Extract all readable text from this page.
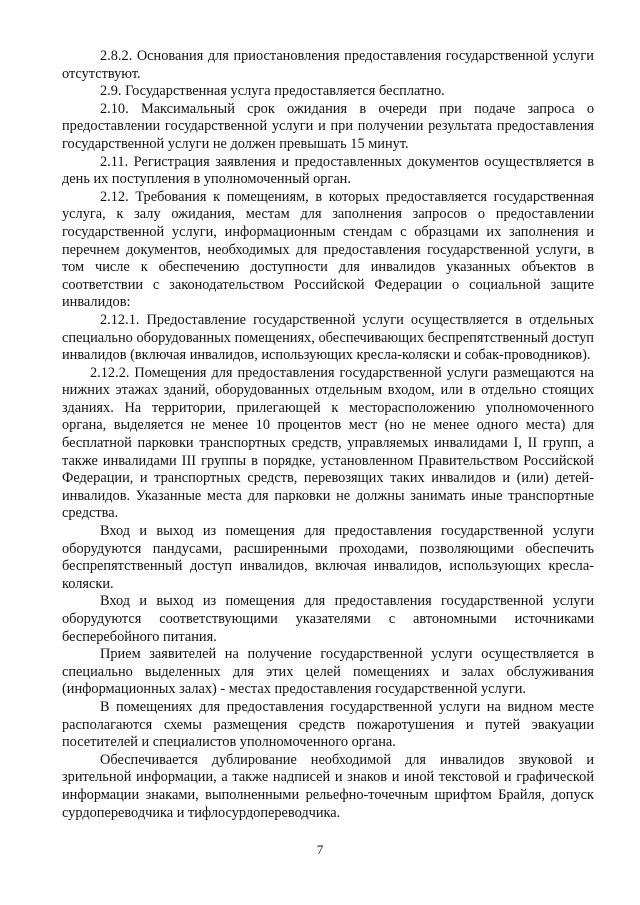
2.8.2. Основания для приостановления предоставления государственной услуги отсутствуют.

2.9. Государственная услуга предоставляется бесплатно.

2.10. Максимальный срок ожидания в очереди при подаче запроса о предоставлении государственной услуги и при получении результата предоставления государственной услуги не должен превышать 15 минут.

2.11. Регистрация заявления и предоставленных документов осуществляется в день их поступления в уполномоченный орган.

2.12. Требования к помещениям, в которых предоставляется государственная услуга, к залу ожидания, местам для заполнения запросов о предоставлении государственной услуги, информационным стендам с образцами их заполнения и перечнем документов, необходимых для предоставления государственной услуги, в том числе к обеспечению доступности для инвалидов указанных объектов в соответствии с законодательством Российской Федерации о социальной защите инвалидов:

2.12.1. Предоставление государственной услуги осуществляется в отдельных специально оборудованных помещениях, обеспечивающих беспрепятственный доступ инвалидов (включая инвалидов, использующих кресла-коляски и собак-проводников).

2.12.2. Помещения для предоставления государственной услуги размещаются на нижних этажах зданий, оборудованных отдельным входом, или в отдельно стоящих зданиях. На территории, прилегающей к месторасположению уполномоченного органа, выделяется не менее 10 процентов мест (но не менее одного места) для бесплатной парковки транспортных средств, управляемых инвалидами I, II групп, а также инвалидами III группы в порядке, установленном Правительством Российской Федерации, и транспортных средств, перевозящих таких инвалидов и (или) детей-инвалидов. Указанные места для парковки не должны занимать иные транспортные средства.

Вход и выход из помещения для предоставления государственной услуги оборудуются пандусами, расширенными проходами, позволяющими обеспечить беспрепятственный доступ инвалидов, включая инвалидов, использующих кресла-коляски.

Вход и выход из помещения для предоставления государственной услуги оборудуются соответствующими указателями с автономными источниками бесперебойного питания.

Прием заявителей на получение государственной услуги осуществляется в специально выделенных для этих целей помещениях и залах обслуживания (информационных залах) - местах предоставления государственной услуги.

В помещениях для предоставления государственной услуги на видном месте располагаются схемы размещения средств пожаротушения и путей эвакуации посетителей и специалистов уполномоченного органа.

Обеспечивается дублирование необходимой для инвалидов звуковой и зрительной информации, а также надписей и знаков и иной текстовой и графической информации знаками, выполненными рельефно-точечным шрифтом Брайля, допуск сурдопереводчика и тифлосурдопереводчика.

7
